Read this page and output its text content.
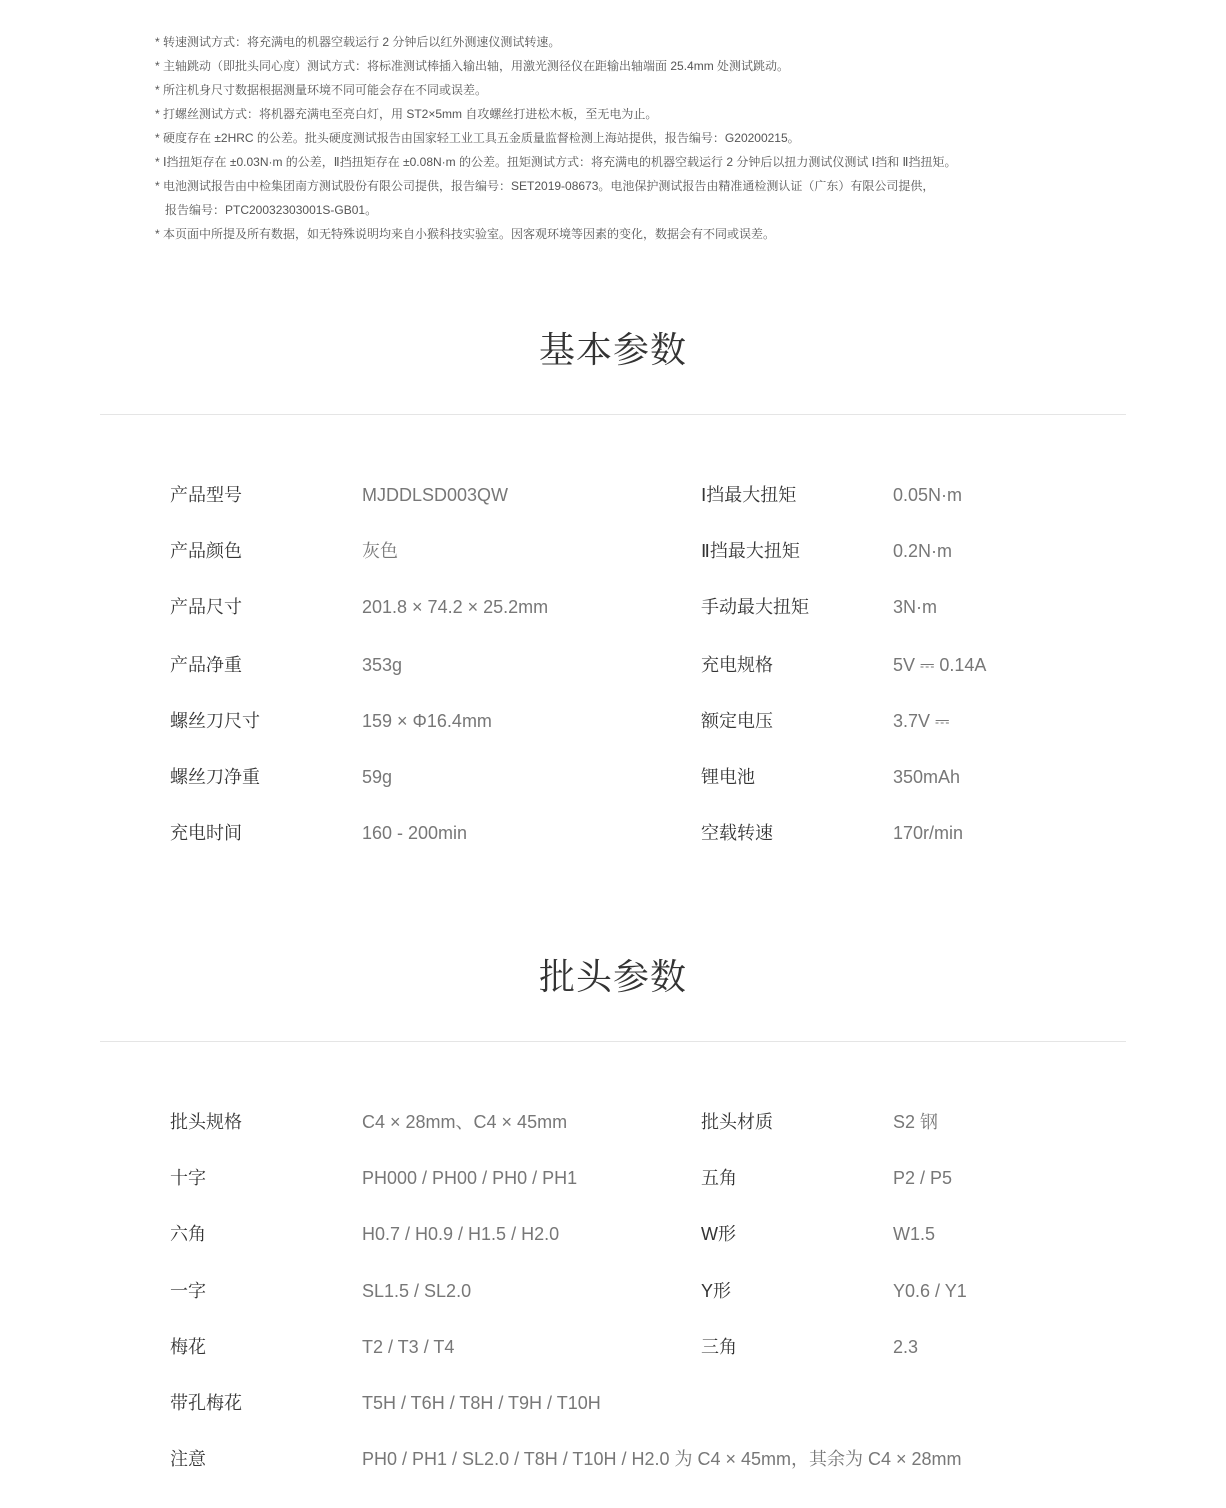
* 转速测试方式：将充满电的机器空载运行 2 分钟后以红外测速仪测试转速。
* 主轴跳动（即批头同心度）测试方式：将标准测试棒插入输出轴，用激光测径仪在距输出轴端面 25.4mm 处测试跳动。
* 所注机身尺寸数据根据测量环境不同可能会存在不同或误差。
* 打螺丝测试方式：将机器充满电至亮白灯，用 ST2×5mm 自攻螺丝打进松木板，至无电为止。
* 硬度存在 ±2HRC 的公差。批头硬度测试报告由国家轻工业工具五金质量监督检测上海站提供，报告编号：G20200215。
* Ⅰ挡扭矩存在 ±0.03N·m 的公差，Ⅱ挡扭矩存在 ±0.08N·m 的公差。扭矩测试方式：将充满电的机器空载运行 2 分钟后以扭力测试仪测试 Ⅰ挡和 Ⅱ挡扭矩。
* 电池测试报告由中检集团南方测试股份有限公司提供，报告编号：SET2019-08673。电池保护测试报告由精准通检测认证（广东）有限公司提供，
报告编号：PTC20032303001S-GB01。
* 本页面中所提及所有数据，如无特殊说明均来自小猴科技实验室。因客观环境等因素的变化，数据会有不同或误差。
基本参数
产品型号	MJDDLSD003QW	Ⅰ挡最大扭矩	0.05N·m
产品颜色	灰色	Ⅱ挡最大扭矩	0.2N·m
产品尺寸	201.8 × 74.2 × 25.2mm	手动最大扭矩	3N·m
产品净重	353g	充电规格	5V ⎓ 0.14A
螺丝刀尺寸	159 × Φ16.4mm	额定电压	3.7V ⎓
螺丝刀净重	59g	锂电池	350mAh
充电时间	160 - 200min	空载转速	170r/min
批头参数
批头规格	C4 × 28mm、C4 × 45mm	批头材质	S2 钢
十字	PH000 / PH00 / PH0 / PH1	五角	P2 / P5
六角	H0.7 / H0.9 / H1.5 / H2.0	W形	W1.5
一字	SL1.5 / SL2.0	Y形	Y0.6 / Y1
梅花	T2 / T3 / T4	三角	2.3
带孔梅花	T5H / T6H / T8H / T9H / T10H
注意	PH0 / PH1 / SL2.0 / T8H / T10H / H2.0 为 C4 × 45mm，其余为 C4 × 28mm
